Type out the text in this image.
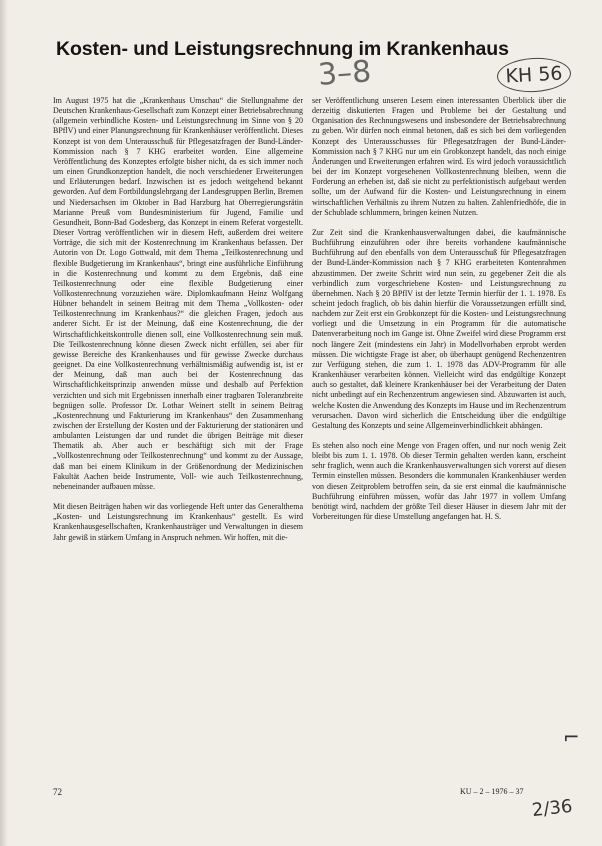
Kosten- und Leistungsrechnung im Krankenhaus
3–8	KH 56

Im August 1975 hat die „Krankenhaus Umschau“ die Stellungnahme der Deutschen Krankenhaus-Gesellschaft zum Konzept einer Betriebsabrechnung (allgemein verbindliche Kosten- und Leistungsrechnung im Sinne von § 20 BPflV) und einer Planungsrechnung für Krankenhäuser veröffentlicht. Dieses Konzept ist von dem Unterausschuß für Pflegesatzfragen der Bund-Länder-Kommission nach § 7 KHG erarbeitet worden. Eine allgemeine Veröffentlichung des Konzeptes erfolgte bisher nicht, da es sich immer noch um einen Grundkonzeption handelt, die noch verschiedener Erweiterungen und Erläuterungen bedarf. Inzwischen ist es jedoch weitgehend bekannt geworden. Auf dem Fortbildungslehrgang der Landesgruppen Berlin, Bremen und Niedersachsen im Oktober in Bad Harzburg hat Oberregierungsrätin Marianne Preuß vom Bundesministerium für Jugend, Familie und Gesundheit, Bonn-Bad Godesberg, das Konzept in einem Referat vorgestellt. Dieser Vortrag veröffentlichen wir in diesem Heft, außerdem drei weitere Vorträge, die sich mit der Kostenrechnung im Krankenhaus befassen. Der Autorin von Dr. Logo Gottwald, mit dem Thema „Teilkostenrechnung und flexible Budgetierung im Krankenhaus“, bringt eine ausführliche Einführung in die Kostenrechnung und kommt zu dem Ergebnis, daß eine Teilkostenrechnung oder eine flexible Budgetierung einer Vollkostenrechnung vorzuziehen wäre. Diplomkaufmann Heinz Wolfgang Hübner behandelt in seinem Beitrag mit dem Thema „Vollkosten- oder Teilkostenrechnung im Krankenhaus?“ die gleichen Fragen, jedoch aus anderer Sicht. Er ist der Meinung, daß eine Kostenrechnung, die der Wirtschaftlichkeitskontrolle dienen soll, eine Vollkostenrechnung sein muß. Die Teilkostenrechnung könne diesen Zweck nicht erfüllen, sei aber für gewisse Bereiche des Krankenhauses und für gewisse Zwecke durchaus geeignet. Da eine Vollkostenrechnung verhältnismäßig aufwendig ist, ist er der Meinung, daß man auch bei der Kostenrechnung das Wirtschaftlichkeitsprinzip anwenden müsse und deshalb auf Perfektion verzichten und sich mit Ergebnissen innerhalb einer tragbaren Toleranzbreite begnügen solle. Professor Dr. Lothar Weinert stellt in seinem Beitrag „Kostenrechnung und Fakturierung im Krankenhaus“ den Zusammenhang zwischen der Erstellung der Kosten und der Fakturierung der stationären und ambulanten Leistungen dar und rundet die übrigen Beiträge mit dieser Thematik ab. Aber auch er beschäftigt sich mit der Frage „Vollkostenrechnung oder Teilkostenrechnung“ und kommt zu der Aussage, daß man bei einem Klinikum in der Größenordnung der Medizinischen Fakultät Aachen beide Instrumente, Voll- wie auch Teilkostenrechnung, nebeneinander aufbauen müsse.

Mit diesen Beiträgen haben wir das vorliegende Heft unter das Generalthema „Kosten- und Leistungsrechnung im Krankenhaus“ gestellt. Es wird Krankenhausgesellschaften, Krankenhausträger und Verwaltungen in diesem Jahr gewiß in stärkem Umfang in Anspruch nehmen. Wir hoffen, mit die-

ser Veröffentlichung unseren Lesern einen interessanten Überblick über die derzeitig diskutierten Fragen und Probleme bei der Gestaltung und Organisation des Rechnungswesens und insbesondere der Betriebsabrechnung zu geben. Wir dürfen noch einmal betonen, daß es sich bei dem vorliegenden Konzept des Unterausschusses für Pflegesatzfragen der Bund-Länder-Kommission nach § 7 KHG nur um ein Grobkonzept handelt, das noch einige Änderungen und Erweiterungen erfahren wird. Es wird jedoch voraussichtlich bei der im Konzept vorgesehenen Vollkostenrechnung bleiben, wenn die Forderung an erheben ist, daß sie nicht zu perfektionistisch aufgebaut werden sollte, um der Aufwand für die Kosten- und Leistungsrechnung in einem wirtschaftlichen Verhältnis zu ihrem Nutzen zu halten. Zahlenfriedhöfe, die in der Schublade schlummern, bringen keinen Nutzen.

Zur Zeit sind die Krankenhausverwaltungen dabei, die kaufmännische Buchführung einzuführen oder ihre bereits vorhandene kaufmännische Buchführung auf den ebenfalls von dem Unterausschuß für Pflegesatzfragen der Bund-Länder-Kommission nach § 7 KHG erarbeiteten Kontenrahmen abzustimmen. Der zweite Schritt wird nun sein, zu gegebener Zeit die als verbindlich zum vorgeschriebene Kosten- und Leistungsrechnung zu übernehmen. Nach § 20 BPflV ist der letzte Termin hierfür der 1. 1. 1978. Es scheint jedoch fraglich, ob bis dahin hierfür die Voraussetzungen erfüllt sind, nachdem zur Zeit erst ein Grobkonzept für die Kosten- und Leistungsrechnung vorliegt und die Umsetzung in ein Programm für die automatische Datenverarbeitung noch im Gange ist. Ohne Zweifel wird diese Programm erst noch längere Zeit (mindestens ein Jahr) in Modellvorhaben erprobt werden müssen. Die wichtigste Frage ist aber, ob überhaupt genügend Rechenzentren zur Verfügung stehen, die zum 1. 1. 1978 das ADV-Programm für alle Krankenhäuser verarbeiten können. Vielleicht wird das endgültige Konzept auch so gestaltet, daß kleinere Krankenhäuser bei der Verarbeitung der Daten nicht unbedingt auf ein Rechenzentrum angewiesen sind. Abzuwarten ist auch, welche Kosten die Anwendung des Konzepts im Hause und im Rechenzentrum verursachen. Davon wird sicherlich die Entscheidung über die endgültige Gestaltung des Konzepts und seine Allgemeinverbindlichkeit abhängen.

Es stehen also noch eine Menge von Fragen offen, und nur noch wenig Zeit bleibt bis zum 1. 1. 1978. Ob dieser Termin gehalten werden kann, erscheint sehr fraglich, wenn auch die Krankenhausverwaltungen sich vorerst auf diesen Termin einstellen müssen. Besonders die kommunalen Krankenhäuser werden von diesen Zeitproblem betroffen sein, da sie erst einmal die kaufmännische Buchführung einführen müssen, wofür das Jahr 1977 in vollem Umfang benötigt wird, nachdem der größte Teil dieser Häuser in diesem Jahr mit der Vorbereitungen für diese Umstellung angefangen hat. H. S.

⌐
72	KU – 2 – 1976 – 37
2/36
